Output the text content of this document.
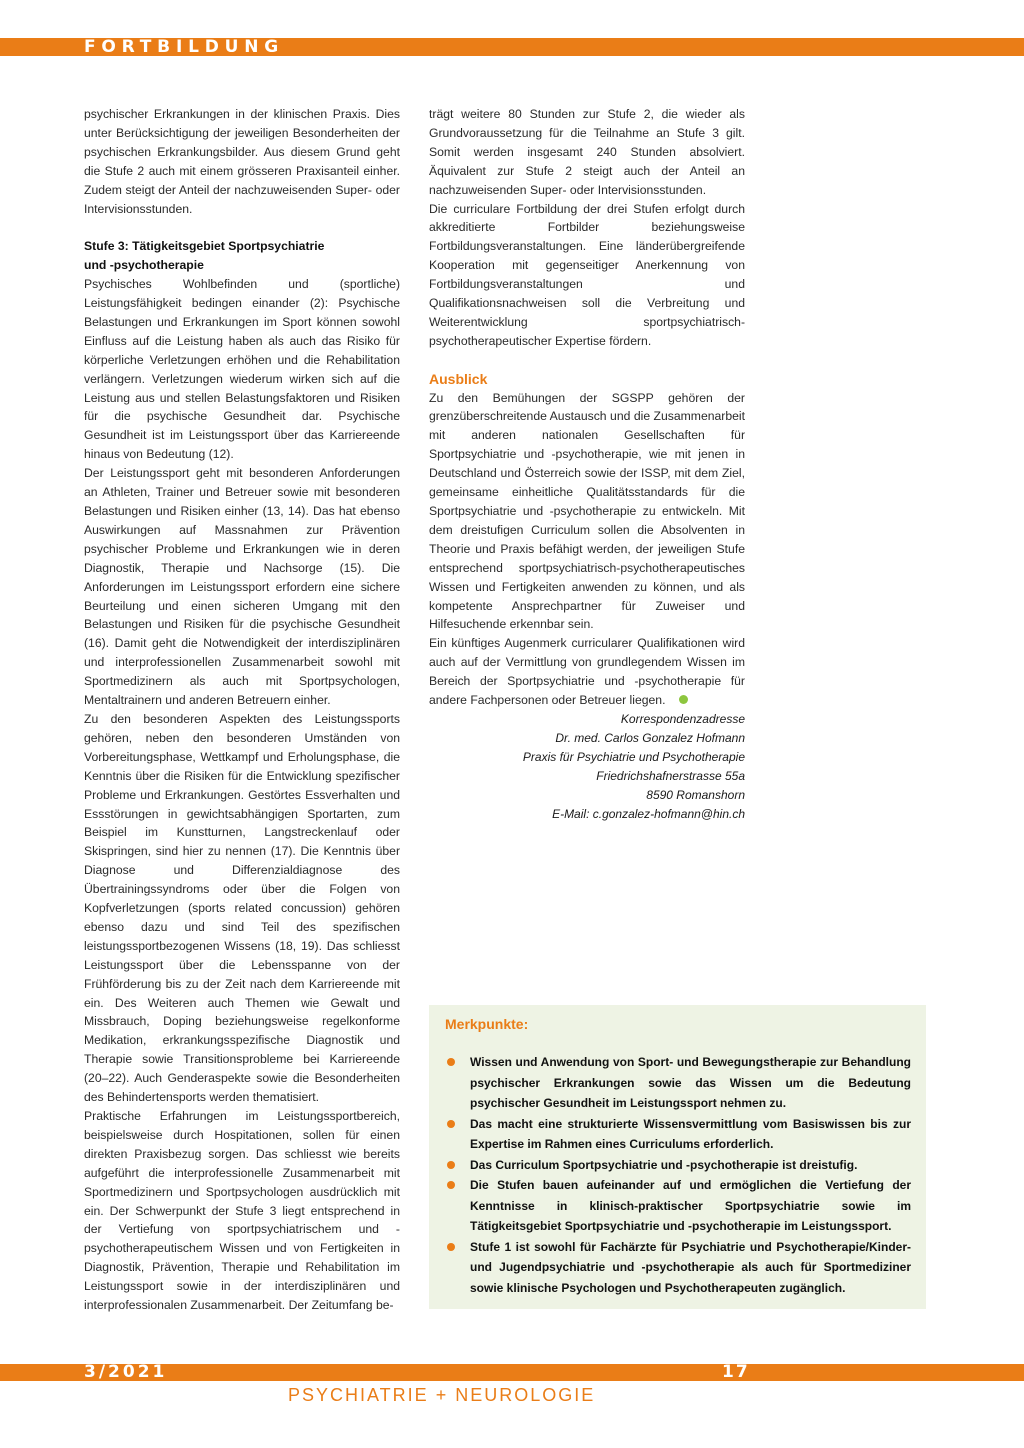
FORTBILDUNG

psychischer Erkrankungen in der klinischen Praxis. Dies unter Berücksichtigung der jeweiligen Besonderheiten der psychischen Erkrankungsbilder. Aus diesem Grund geht die Stufe 2 auch mit einem grösseren Praxisanteil einher. Zudem steigt der Anteil der nachzuweisenden Super- oder Intervisionsstunden.

Stufe 3: Tätigkeitsgebiet Sportpsychiatrie
und -psychotherapie

Psychisches Wohlbefinden und (sportliche) Leistungsfähigkeit bedingen einander (2): Psychische Belastungen und Erkrankungen im Sport können sowohl Einfluss auf die Leistung haben als auch das Risiko für körperliche Verletzungen erhöhen und die Rehabilitation verlängern. Verletzungen wiederum wirken sich auf die Leistung aus und stellen Belastungsfaktoren und Risiken für die psychische Gesundheit dar. Psychische Gesundheit ist im Leistungssport über das Karriereende hinaus von Bedeutung (12).

Der Leistungssport geht mit besonderen Anforderungen an Athleten, Trainer und Betreuer sowie mit besonderen Belastungen und Risiken einher (13, 14). Das hat ebenso Auswirkungen auf Massnahmen zur Prävention psychischer Probleme und Erkrankungen wie in deren Diagnostik, Therapie und Nachsorge (15). Die Anforderungen im Leistungssport erfordern eine sichere Beurteilung und einen sicheren Umgang mit den Belastungen und Risiken für die psychische Gesundheit (16). Damit geht die Notwendigkeit der interdisziplinären und interprofessionellen Zusammenarbeit sowohl mit Sportmedizinern als auch mit Sportpsychologen, Mentaltrainern und anderen Betreuern einher.

Zu den besonderen Aspekten des Leistungssports gehören, neben den besonderen Umständen von Vorbereitungsphase, Wettkampf und Erholungsphase, die Kenntnis über die Risiken für die Entwicklung spezifischer Probleme und Erkrankungen. Gestörtes Essverhalten und Essstörungen in gewichtsabhängigen Sportarten, zum Beispiel im Kunstturnen, Langstreckenlauf oder Skispringen, sind hier zu nennen (17). Die Kenntnis über Diagnose und Differenzialdiagnose des Übertrainingssyndroms oder über die Folgen von Kopfverletzungen (sports related concussion) gehören ebenso dazu und sind Teil des spezifischen leistungssportbezogenen Wissens (18, 19). Das schliesst Leistungssport über die Lebensspanne von der Frühförderung bis zu der Zeit nach dem Karriereende mit ein. Des Weiteren auch Themen wie Gewalt und Missbrauch, Doping beziehungsweise regelkonforme Medikation, erkrankungsspezifische Diagnostik und Therapie sowie Transitionsprobleme bei Karriereende (20–22). Auch Genderaspekte sowie die Besonderheiten des Behindertensports werden thematisiert.

Praktische Erfahrungen im Leistungssportbereich, beispielsweise durch Hospitationen, sollen für einen direkten Praxisbezug sorgen. Das schliesst wie bereits aufgeführt die interprofessionelle Zusammenarbeit mit Sportmedizinern und Sportpsychologen ausdrücklich mit ein. Der Schwerpunkt der Stufe 3 liegt entsprechend in der Vertiefung von sportpsychiatrischem und -psychotherapeutischem Wissen und von Fertigkeiten in Diagnostik, Prävention, Therapie und Rehabilitation im Leistungssport sowie in der interdisziplinären und interprofessionalen Zusammenarbeit. Der Zeitumfang be-

trägt weitere 80 Stunden zur Stufe 2, die wieder als Grundvoraussetzung für die Teilnahme an Stufe 3 gilt. Somit werden insgesamt 240 Stunden absolviert. Äquivalent zur Stufe 2 steigt auch der Anteil an nachzuweisenden Super- oder Intervisionsstunden.

Die curriculare Fortbildung der drei Stufen erfolgt durch akkreditierte Fortbilder beziehungsweise Fortbildungsveranstaltungen. Eine länderübergreifende Kooperation mit gegenseitiger Anerkennung von Fortbildungsveranstaltungen und Qualifikationsnachweisen soll die Verbreitung und Weiterentwicklung sportpsychiatrisch-psychotherapeutischer Expertise fördern.

Ausblick

Zu den Bemühungen der SGSPP gehören der grenzüberschreitende Austausch und die Zusammenarbeit mit anderen nationalen Gesellschaften für Sportpsychiatrie und -psychotherapie, wie mit jenen in Deutschland und Österreich sowie der ISSP, mit dem Ziel, gemeinsame einheitliche Qualitätsstandards für die Sportpsychiatrie und -psychotherapie zu entwickeln. Mit dem dreistufigen Curriculum sollen die Absolventen in Theorie und Praxis befähigt werden, der jeweiligen Stufe entsprechend sportpsychiatrisch-psychotherapeutisches Wissen und Fertigkeiten anwenden zu können, und als kompetente Ansprechpartner für Zuweiser und Hilfesuchende erkennbar sein.

Ein künftiges Augenmerk curricularer Qualifikationen wird auch auf der Vermittlung von grundlegendem Wissen im Bereich der Sportpsychiatrie und -psychotherapie für andere Fachpersonen oder Betreuer liegen.

Korrespondenzadresse
Dr. med. Carlos Gonzalez Hofmann
Praxis für Psychiatrie und Psychotherapie
Friedrichshafnerstrasse 55a
8590 Romanshorn
E-Mail: c.gonzalez-hofmann@hin.ch
Merkpunkte:
Wissen und Anwendung von Sport- und Bewegungstherapie zur Behandlung psychischer Erkrankungen sowie das Wissen um die Bedeutung psychischer Gesundheit im Leistungssport nehmen zu.
Das macht eine strukturierte Wissensvermittlung vom Basiswissen bis zur Expertise im Rahmen eines Curriculums erforderlich.
Das Curriculum Sportpsychiatrie und -psychotherapie ist dreistufig.
Die Stufen bauen aufeinander auf und ermöglichen die Vertiefung der Kenntnisse in klinisch-praktischer Sportpsychiatrie sowie im Tätigkeitsgebiet Sportpsychiatrie und -psychotherapie im Leistungssport.
Stufe 1 ist sowohl für Fachärzte für Psychiatrie und Psychotherapie/Kinder- und Jugendpsychiatrie und -psychotherapie als auch für Sportmediziner sowie klinische Psychologen und Psychotherapeuten zugänglich.
3/2021	17
PSYCHIATRIE + NEUROLOGIE
